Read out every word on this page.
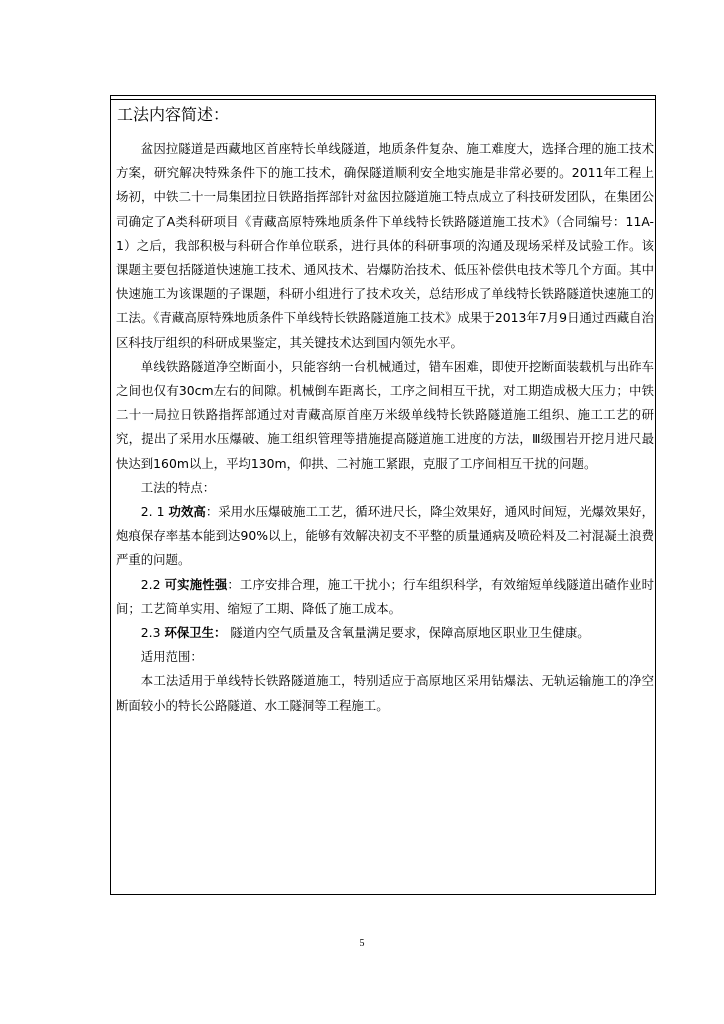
工法内容简述：

盆因拉隧道是西藏地区首座特长单线隧道，地质条件复杂、施工难度大，选择合理的施工技术方案，研究解决特殊条件下的施工技术，确保隧道顺利安全地实施是非常必要的。2011年工程上场初，中铁二十一局集团拉日铁路指挥部针对盆因拉隧道施工特点成立了科技研发团队，在集团公司确定了A类科研项目《青藏高原特殊地质条件下单线特长铁路隧道施工技术》（合同编号：11A-1）之后，我部积极与科研合作单位联系，进行具体的科研事项的沟通及现场采样及试验工作。该课题主要包括隧道快速施工技术、通风技术、岩爆防治技术、低压补偿供电技术等几个方面。其中快速施工为该课题的子课题，科研小组进行了技术攻关，总结形成了单线特长铁路隧道快速施工的工法。《青藏高原特殊地质条件下单线特长铁路隧道施工技术》成果于2013年7月9日通过西藏自治区科技厅组织的科研成果鉴定，其关键技术达到国内领先水平。

单线铁路隧道净空断面小，只能容纳一台机械通过，错车困难，即使开挖断面装载机与出砟车之间也仅有30cm左右的间隙。机械倒车距离长，工序之间相互干扰，对工期造成极大压力；中铁二十一局拉日铁路指挥部通过对青藏高原首座万米级单线特长铁路隧道施工组织、施工工艺的研究，提出了采用水压爆破、施工组织管理等措施提高隧道施工进度的方法，Ⅲ级围岩开挖月进尺最快达到160m以上，平均130m，仰拱、二衬施工紧跟，克服了工序间相互干扰的问题。

工法的特点：

2. 1 功效高：采用水压爆破施工工艺，循环进尺长，降尘效果好，通风时间短，光爆效果好，炮痕保存率基本能到达90%以上，能够有效解决初支不平整的质量通病及喷砼料及二衬混凝土浪费严重的问题。

2.2 可实施性强：工序安排合理，施工干扰小；行车组织科学，有效缩短单线隧道出碴作业时间；工艺简单实用、缩短了工期、降低了施工成本。

2.3 环保卫生： 隧道内空气质量及含氧量满足要求，保障高原地区职业卫生健康。

适用范围：

本工法适用于单线特长铁路隧道施工，特别适应于高原地区采用钻爆法、无轨运输施工的净空断面较小的特长公路隧道、水工隧洞等工程施工。

5
